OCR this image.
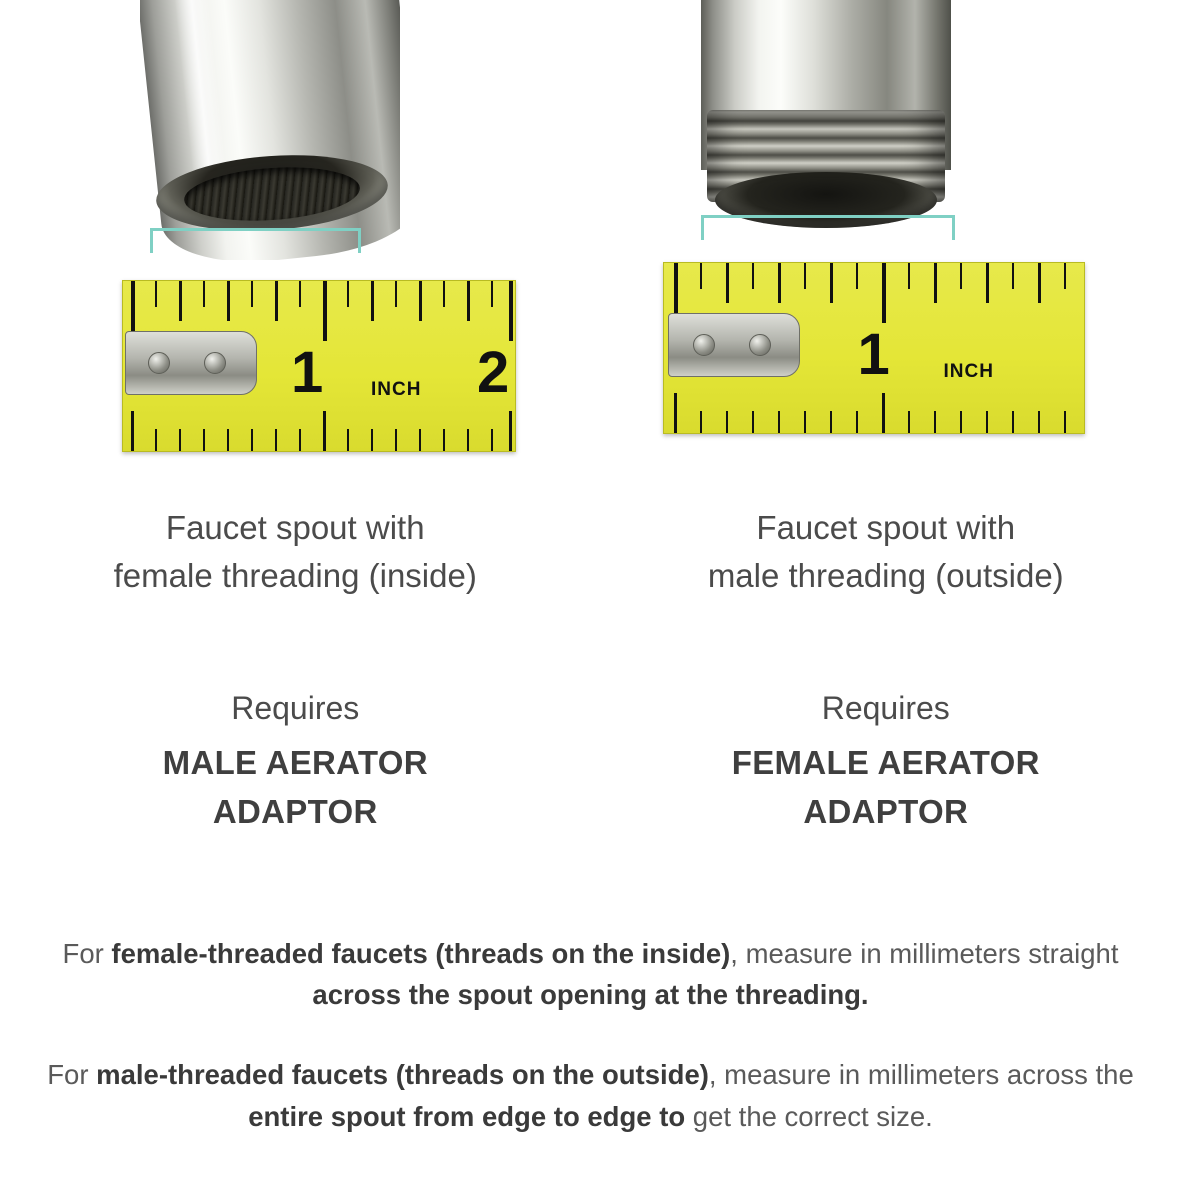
1	2
INCH
Faucet spout with
female threading (inside)
Requires
MALE AERATOR
ADAPTOR
1	INCH
Faucet spout with
male threading (outside)
Requires
FEMALE AERATOR
ADAPTOR

For female-threaded faucets (threads on the inside), measure in millimeters straight across the spout opening at the threading.

For male-threaded faucets (threads on the outside), measure in millimeters across the entire spout from edge to edge to get the correct size.
